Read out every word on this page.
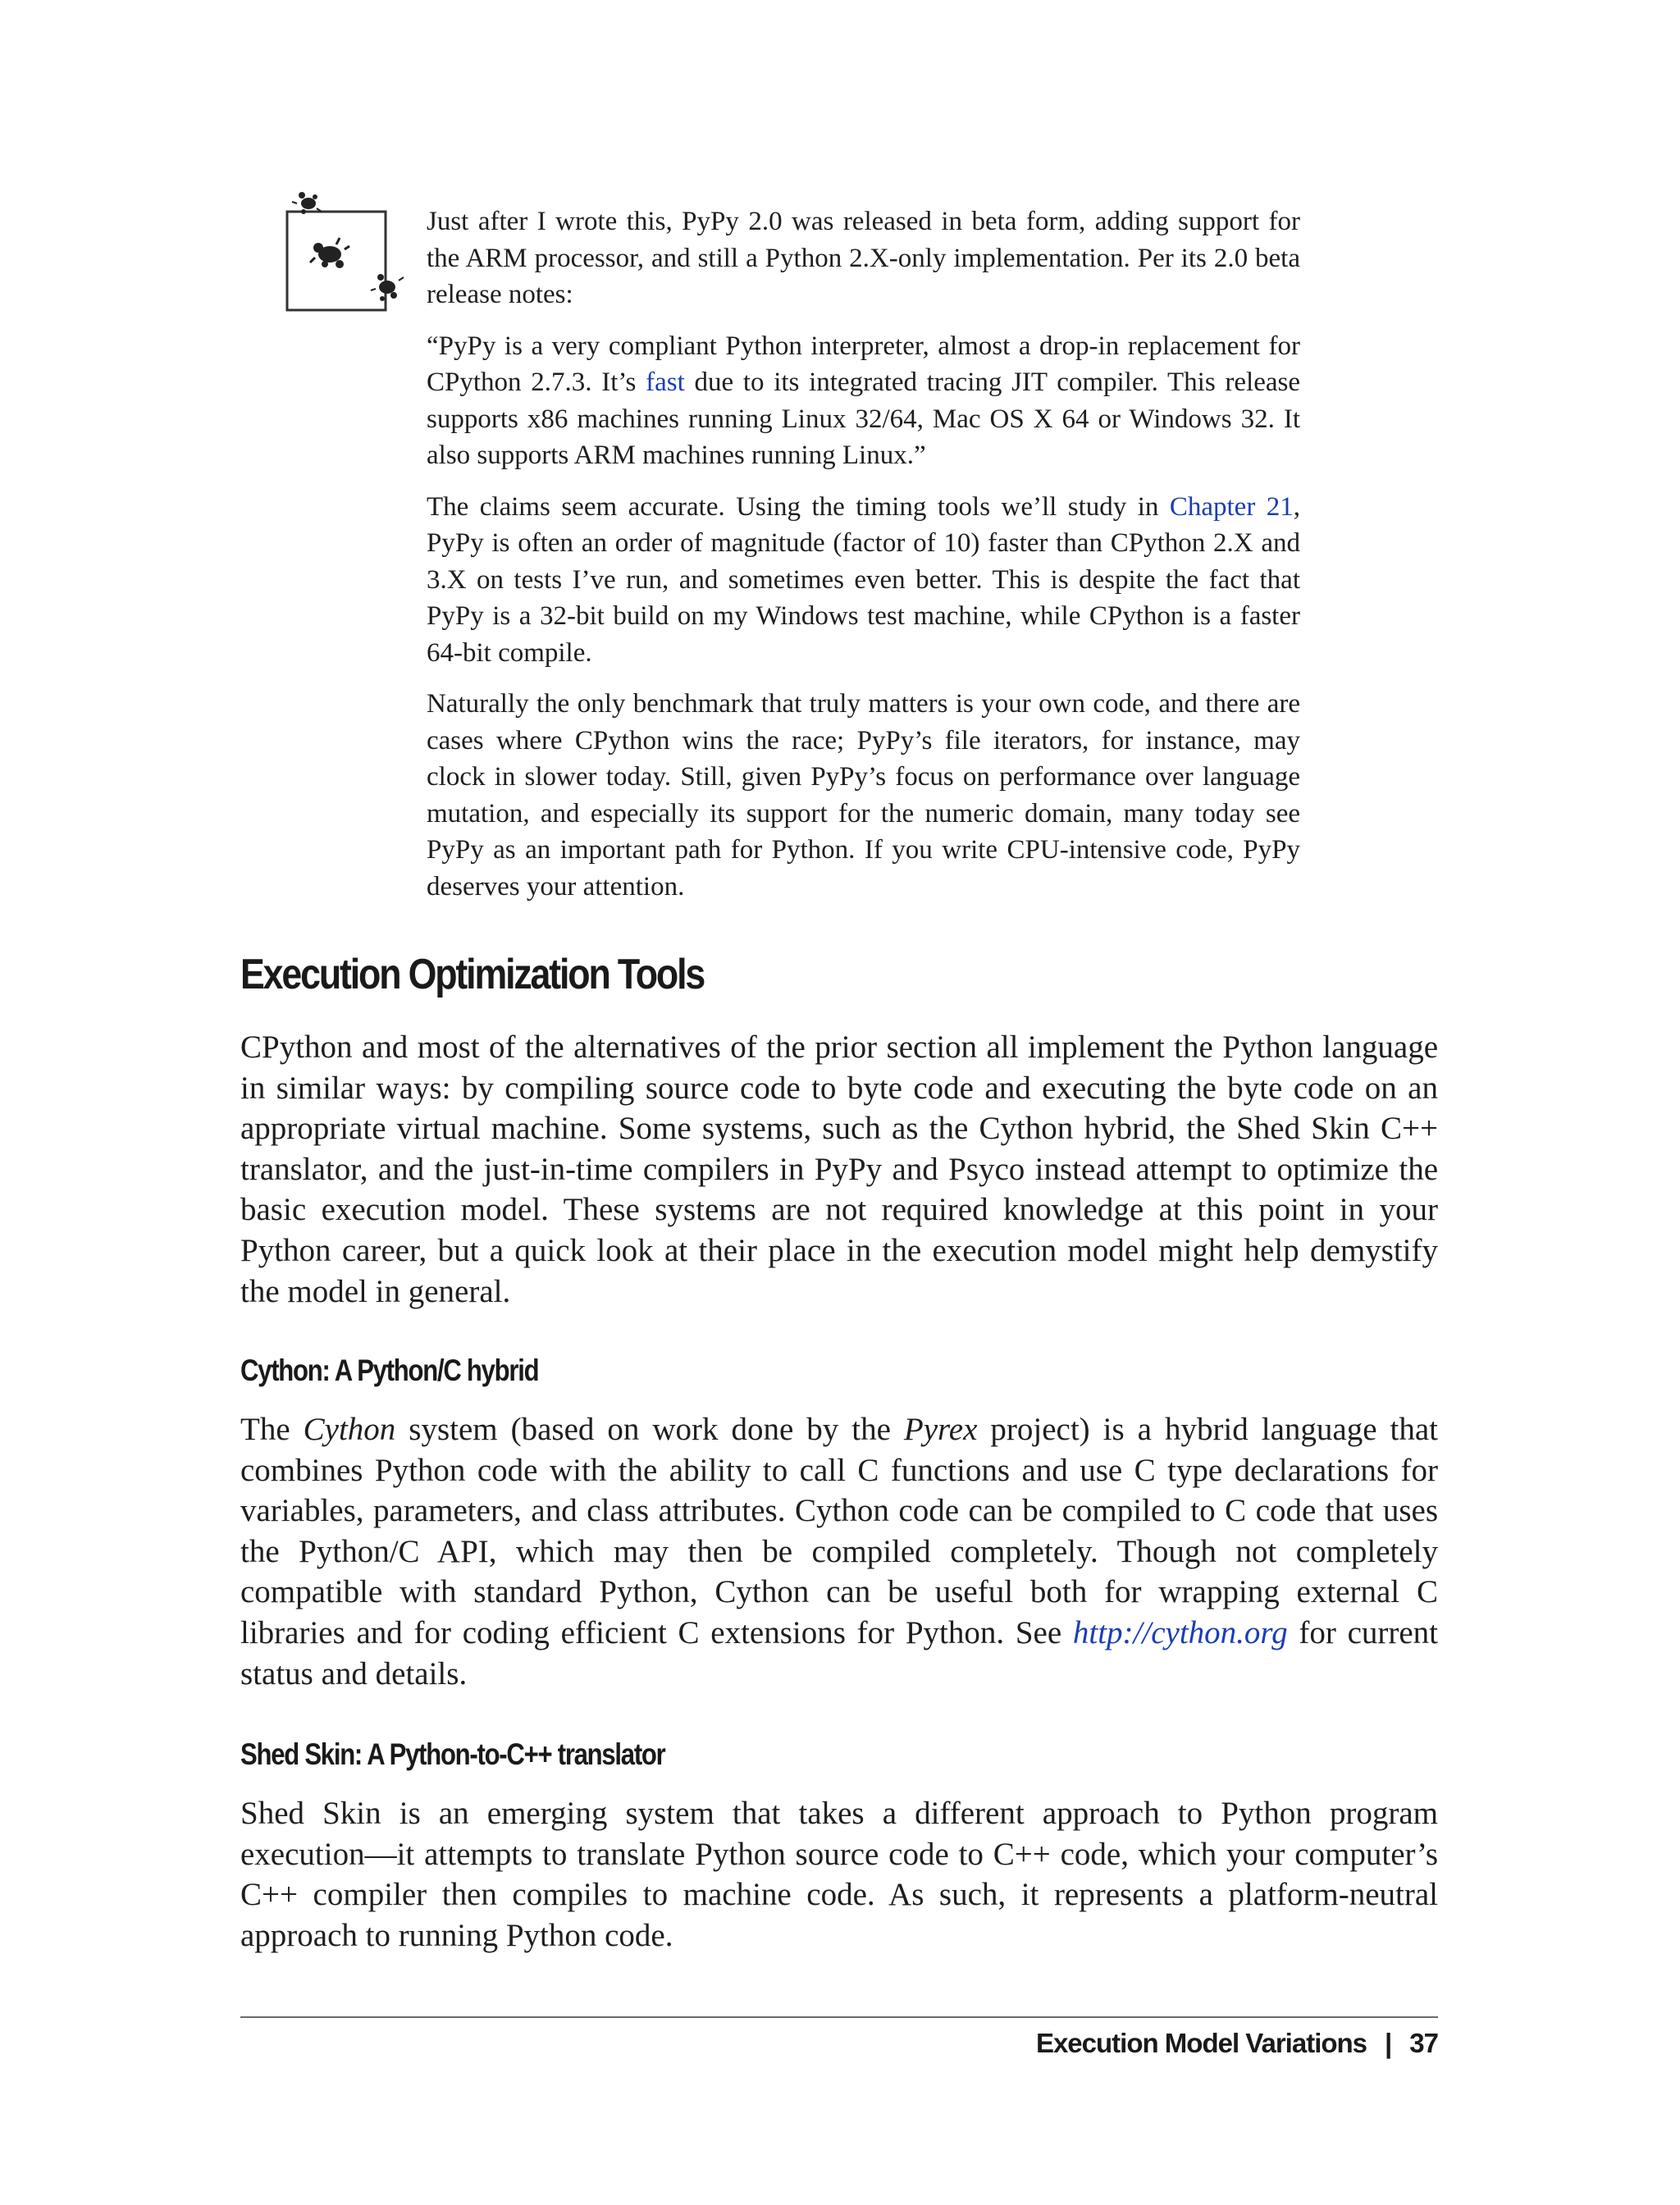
Just after I wrote this, PyPy 2.0 was released in beta form, adding support for the ARM processor, and still a Python 2.X-only implementation. Per its 2.0 beta release notes:

“PyPy is a very compliant Python interpreter, almost a drop-in replacement for CPython 2.7.3. It’s fast due to its integrated tracing JIT compiler. This release supports x86 machines running Linux 32/64, Mac OS X 64 or Windows 32. It also supports ARM machines running Linux.”

The claims seem accurate. Using the timing tools we’ll study in Chapter 21, PyPy is often an order of magnitude (factor of 10) faster than CPython 2.X and 3.X on tests I’ve run, and sometimes even better. This is despite the fact that PyPy is a 32-bit build on my Windows test machine, while CPython is a faster 64-bit compile.

Naturally the only benchmark that truly matters is your own code, and there are cases where CPython wins the race; PyPy’s file iterators, for instance, may clock in slower today. Still, given PyPy’s focus on performance over language mutation, and especially its support for the numeric domain, many today see PyPy as an important path for Python. If you write CPU-intensive code, PyPy deserves your attention.

Execution Optimization Tools

CPython and most of the alternatives of the prior section all implement the Python language in similar ways: by compiling source code to byte code and executing the byte code on an appropriate virtual machine. Some systems, such as the Cython hybrid, the Shed Skin C++ translator, and the just-in-time compilers in PyPy and Psyco instead attempt to optimize the basic execution model. These systems are not required knowledge at this point in your Python career, but a quick look at their place in the execution model might help demystify the model in general.

Cython: A Python/C hybrid

The Cython system (based on work done by the Pyrex project) is a hybrid language that combines Python code with the ability to call C functions and use C type declarations for variables, parameters, and class attributes. Cython code can be compiled to C code that uses the Python/C API, which may then be compiled completely. Though not completely compatible with standard Python, Cython can be useful both for wrapping external C libraries and for coding efficient C extensions for Python. See http://cython.org for current status and details.

Shed Skin: A Python-to-C++ translator

Shed Skin is an emerging system that takes a different approach to Python program execution—it attempts to translate Python source code to C++ code, which your computer’s C++ compiler then compiles to machine code. As such, it represents a platform-neutral approach to running Python code.

Execution Model Variations | 37
